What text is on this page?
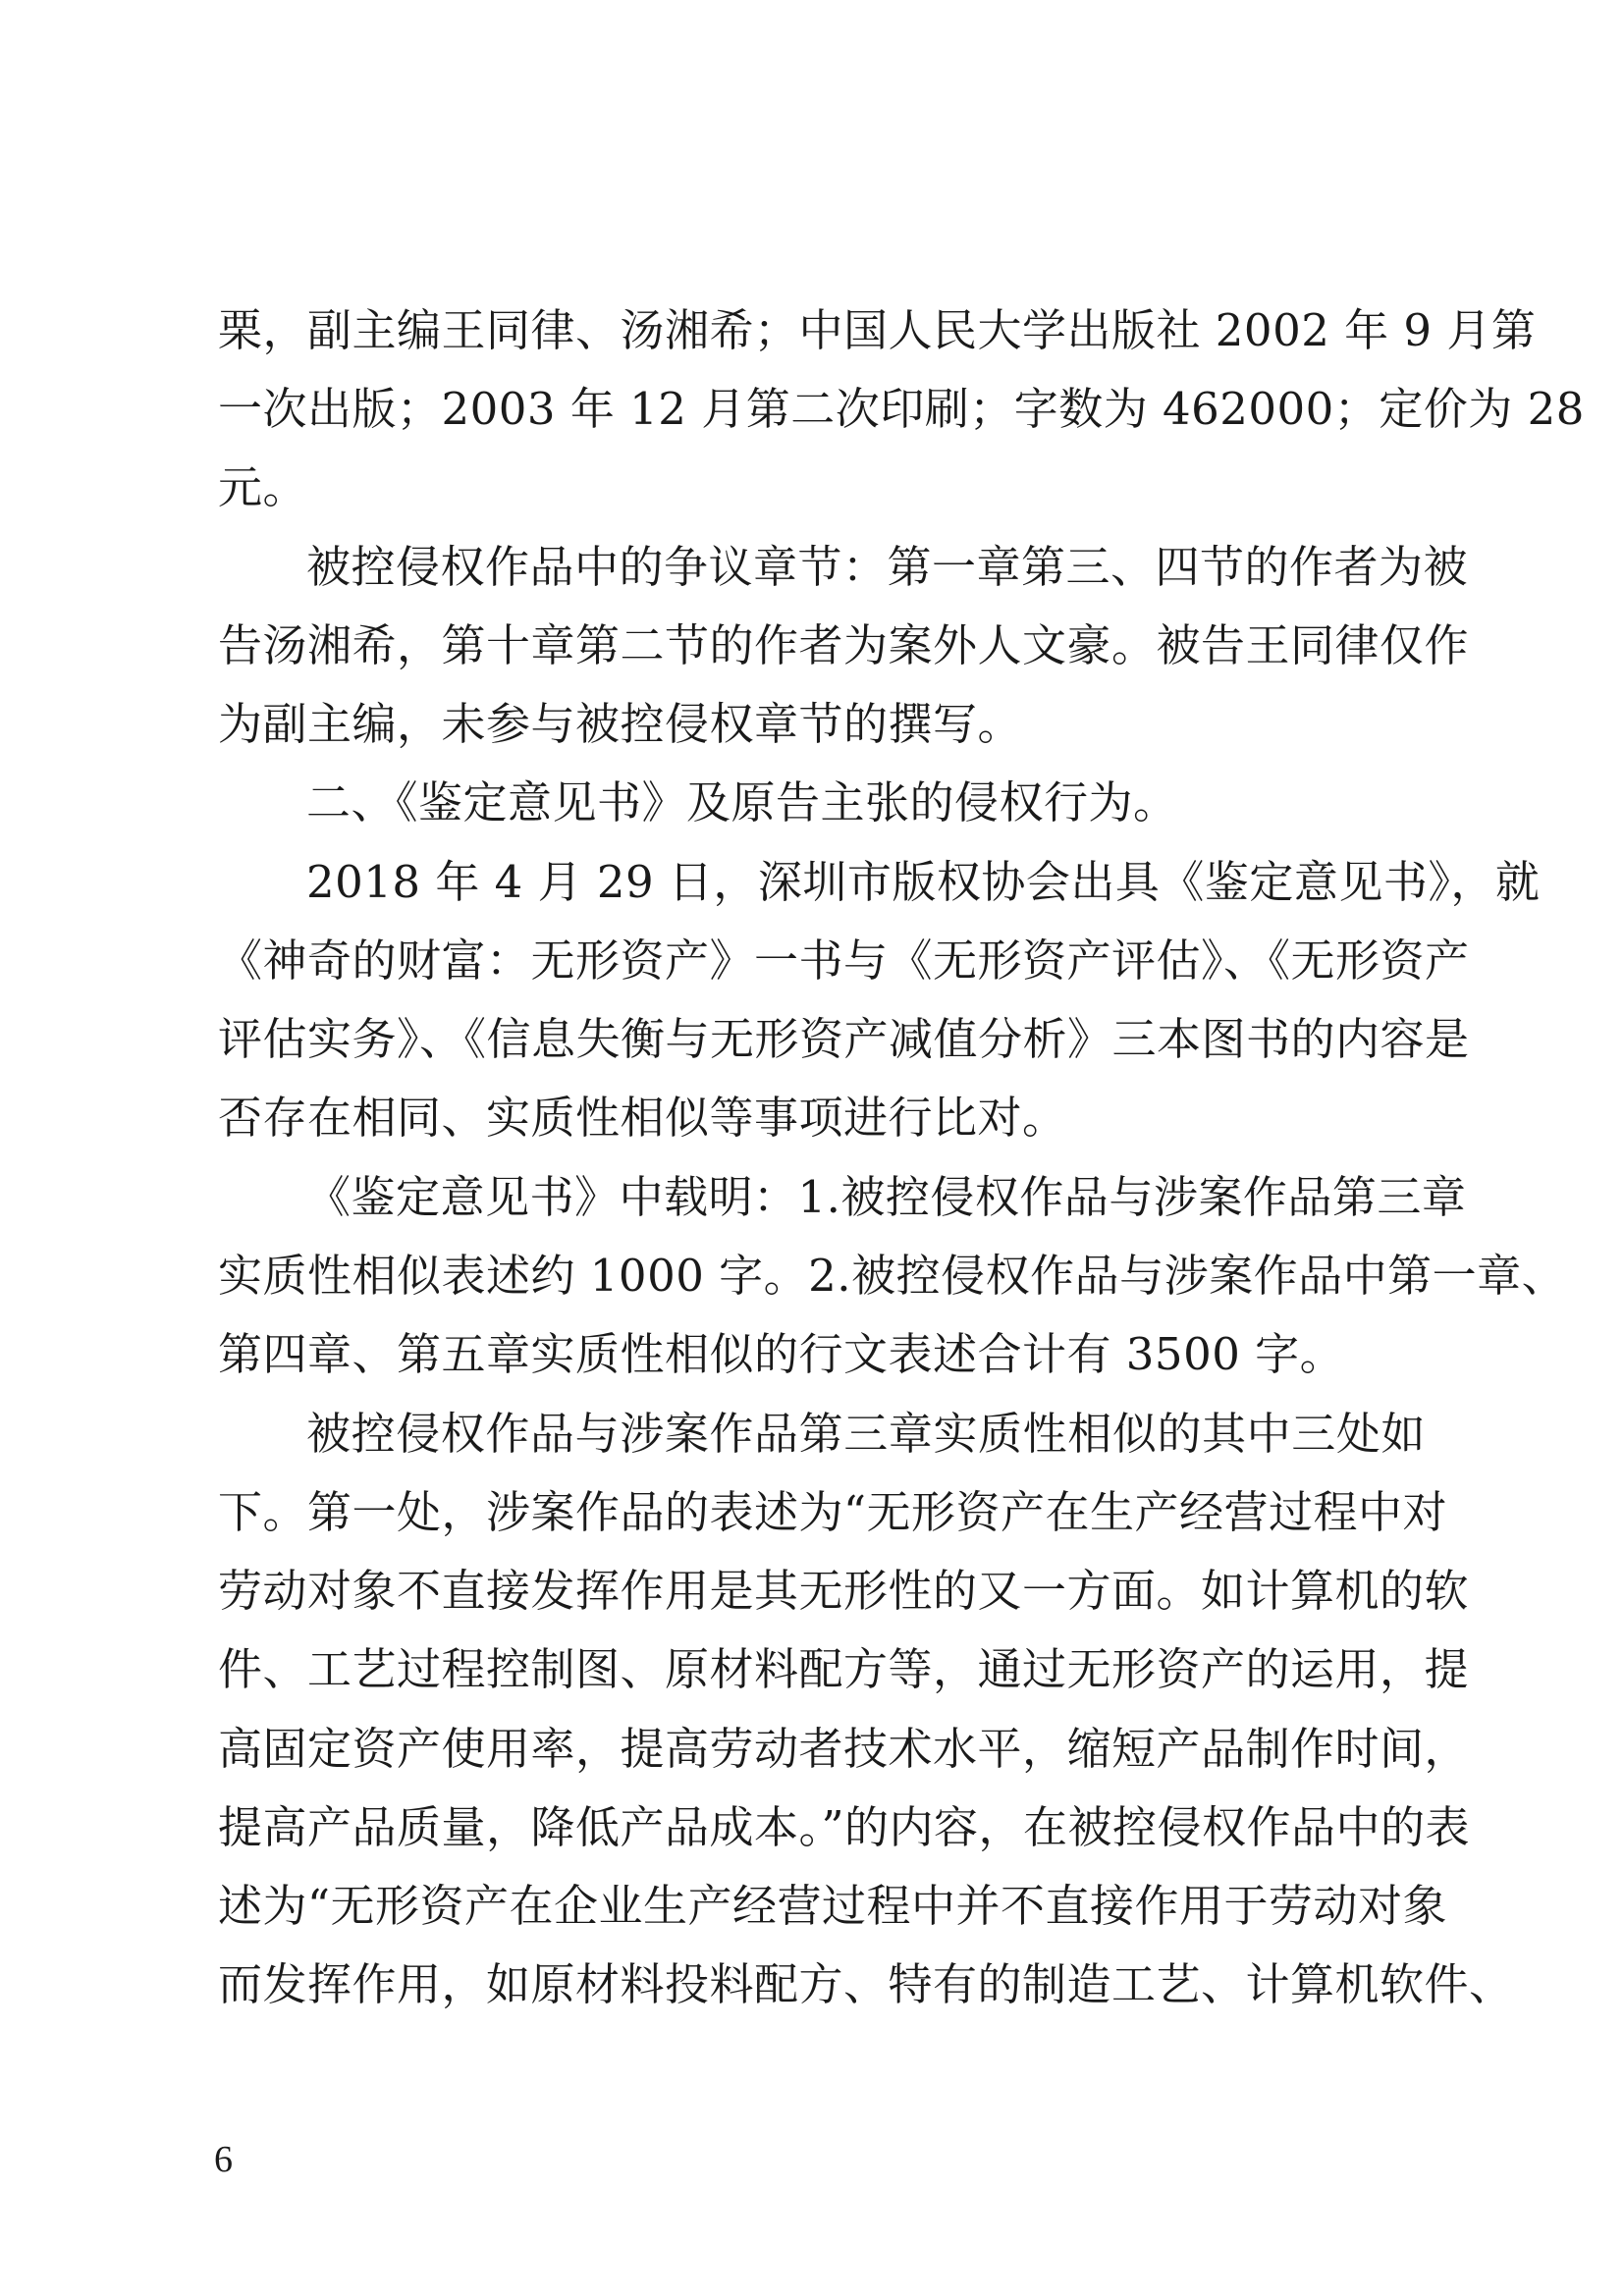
栗，副主编王同律、汤湘希；中国人民大学出版社 2002 年 9 月第
一次出版；2003 年 12 月第二次印刷；字数为 462000；定价为 28
元。
被控侵权作品中的争议章节：第一章第三、四节的作者为被
告汤湘希，第十章第二节的作者为案外人文豪。被告王同律仅作
为副主编，未参与被控侵权章节的撰写。
二、《鉴定意见书》及原告主张的侵权行为。
2018 年 4 月 29 日，深圳市版权协会出具《鉴定意见书》，就
《神奇的财富：无形资产》一书与《无形资产评估》、《无形资产
评估实务》、《信息失衡与无形资产减值分析》三本图书的内容是
否存在相同、实质性相似等事项进行比对。
《鉴定意见书》中载明：1.被控侵权作品与涉案作品第三章
实质性相似表述约 1000 字。2.被控侵权作品与涉案作品中第一章、
第四章、第五章实质性相似的行文表述合计有 3500 字。
被控侵权作品与涉案作品第三章实质性相似的其中三处如
下。第一处，涉案作品的表述为“无形资产在生产经营过程中对
劳动对象不直接发挥作用是其无形性的又一方面。如计算机的软
件、工艺过程控制图、原材料配方等，通过无形资产的运用，提
高固定资产使用率，提高劳动者技术水平，缩短产品制作时间，
提高产品质量，降低产品成本。”的内容，在被控侵权作品中的表
述为“无形资产在企业生产经营过程中并不直接作用于劳动对象
而发挥作用，如原材料投料配方、特有的制造工艺、计算机软件、
6
